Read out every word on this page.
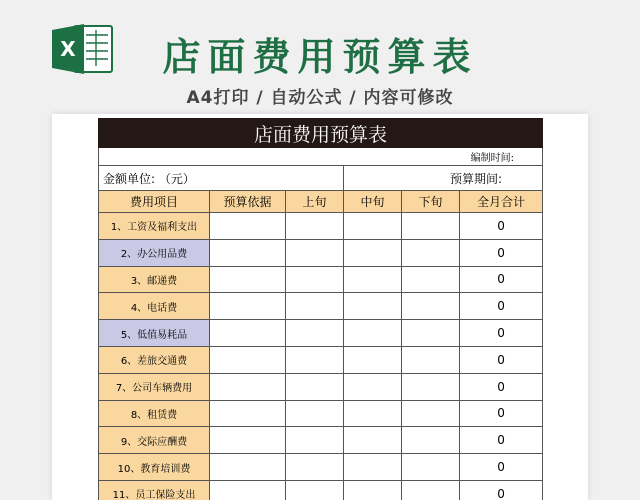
X 店面费用预算表
A4打印 / 自动公式 / 内容可修改
店面费用预算表					
编制时间:					
金额单位: （元）			预算期间:		
费用项目	预算依据	上旬	中旬	下旬	全月合计
1、工资及福利支出					0
2、办公用品费					0
3、邮递费					0
4、电话费					0
5、低值易耗品					0
6、差旅交通费					0
7、公司车辆费用					0
8、租赁费					0
9、交际应酬费					0
10、教育培训费					0
11、员工保险支出					0
